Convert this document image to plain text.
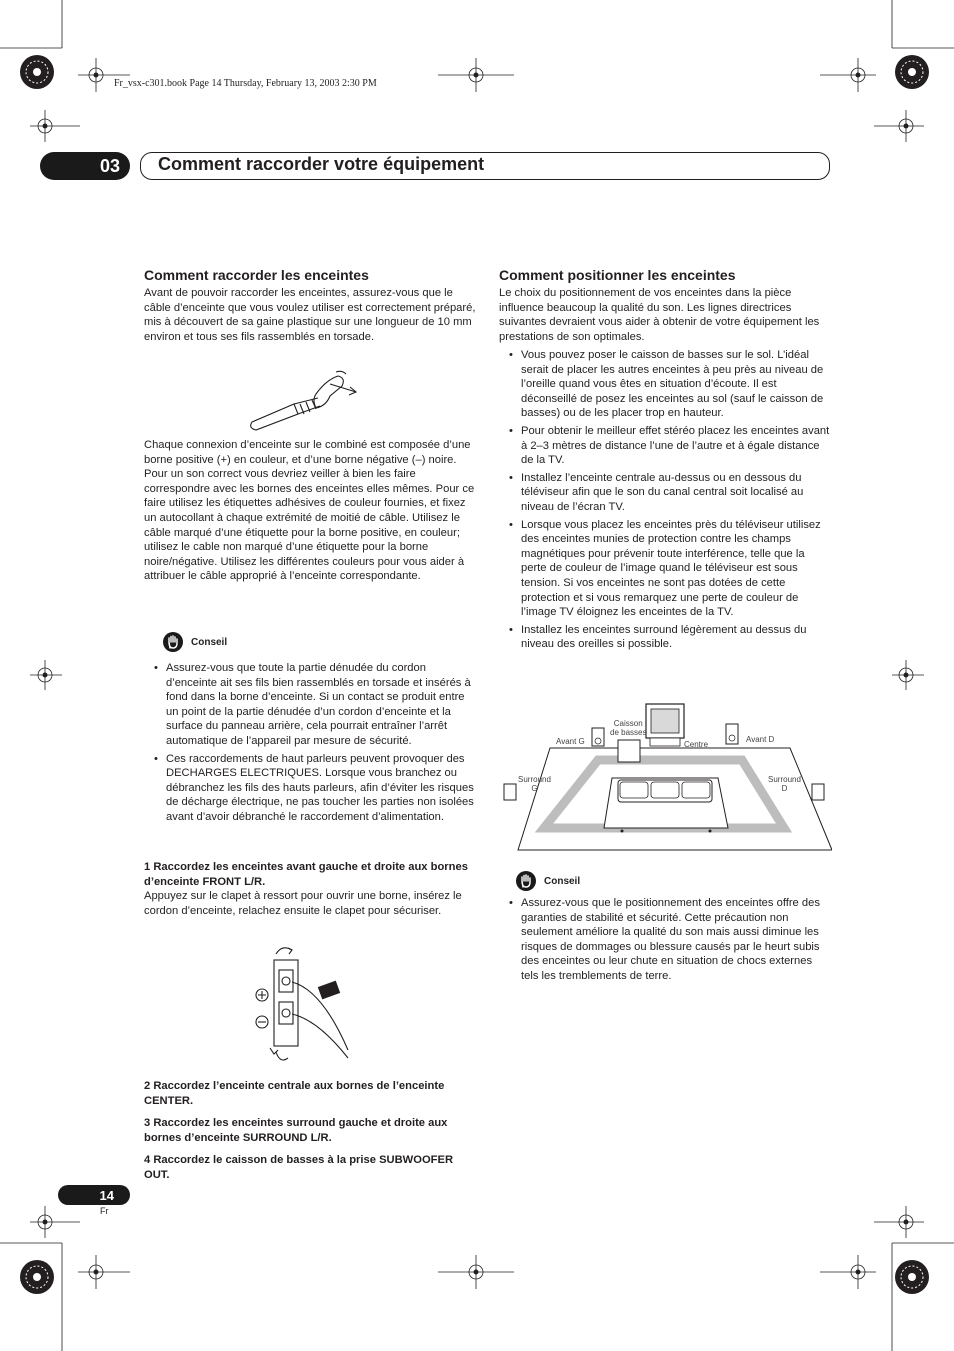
Fr_vsx-c301.book Page 14 Thursday, February 13, 2003 2:30 PM
03 Comment raccorder votre équipement
Comment raccorder les enceintes

Avant de pouvoir raccorder les enceintes, assurez-vous que le câble d’enceinte que vous voulez utiliser est correctement préparé, mis à découvert de sa gaine plastique sur une longueur de 10 mm environ et tous ses fils rassemblés en torsade.

Chaque connexion d’enceinte sur le combiné est composée d’une borne positive (+) en couleur, et d’une borne négative (–) noire. Pour un son correct vous devriez veiller à bien les faire correspondre avec les bornes des enceintes elles mêmes. Pour ce faire utilisez les étiquettes adhésives de couleur fournies, et fixez un autocollant à chaque extrémité de moitié de câble. Utilisez le câble marqué d’une étiquette pour la borne positive, en couleur; utilisez le cable non marqué d’une étiquette pour la borne noire/négative. Utilisez les différentes couleurs pour vous aider à attribuer le câble approprié à l’enceinte correspondante.

Conseil
• Assurez-vous que toute la partie dénudée du cordon d’enceinte ait ses fils bien rassemblés en torsade et insérés à fond dans la borne d’enceinte. Si un contact se produit entre un point de la partie dénudée d’un cordon d’enceinte et la surface du panneau arrière, cela pourrait entraîner l’arrêt automatique de l’appareil par mesure de sécurité.
• Ces raccordements de haut parleurs peuvent provoquer des DECHARGES ELECTRIQUES. Lorsque vous branchez ou débranchez les fils des hauts parleurs, afin d’éviter les risques de décharge électrique, ne pas toucher les parties non isolées avant d’avoir débranché le raccordement d’alimentation.

1 Raccordez les enceintes avant gauche et droite aux bornes d’enceinte FRONT L/R.

Appuyez sur le clapet à ressort pour ouvrir une borne, insérez le cordon d’enceinte, relachez ensuite le clapet pour sécuriser.

2 Raccordez l’enceinte centrale aux bornes de l’enceinte CENTER.

3 Raccordez les enceintes surround gauche et droite aux bornes d’enceinte SURROUND L/R.

4 Raccordez le caisson de basses à la prise SUBWOOFER OUT.

Comment positionner les enceintes

Le choix du positionnement de vos enceintes dans la pièce influence beaucoup la qualité du son. Les lignes directrices suivantes devraient vous aider à obtenir de votre équipement les prestations de son optimales.

• Vous pouvez poser le caisson de basses sur le sol. L’idéal serait de placer les autres enceintes à peu près au niveau de l’oreille quand vous êtes en situation d’écoute. Il est déconseillé de posez les enceintes au sol (sauf le caisson de basses) ou de les placer trop en hauteur.
• Pour obtenir le meilleur effet stéréo placez les enceintes avant à 2–3 mètres de distance l’une de l’autre et à égale distance de la TV.
• Installez l’enceinte centrale au-dessus ou en dessous du téléviseur afin que le son du canal central soit localisé au niveau de l’écran TV.
• Lorsque vous placez les enceintes près du téléviseur utilisez des enceintes munies de protection contre les champs magnétiques pour prévenir toute interférence, telle que la perte de couleur de l’image quand le téléviseur est sous tension. Si vos enceintes ne sont pas dotées de cette protection et si vous remarquez une perte de couleur de l’image TV éloignez les enceintes de la TV.
• Installez les enceintes surround légèrement au dessus du niveau des oreilles si possible.
Caisson
de basses
Avant G	Centre
Avant D
Surround
G
Surround
D
Conseil
• Assurez-vous que le positionnement des enceintes offre des garanties de stabilité et sécurité. Cette précaution non seulement améliore la qualité du son mais aussi diminue les risques de dommages ou blessure causés par le heurt subis des enceintes ou leur chute en situation de chocs externes tels les tremblements de terre.
14
Fr
